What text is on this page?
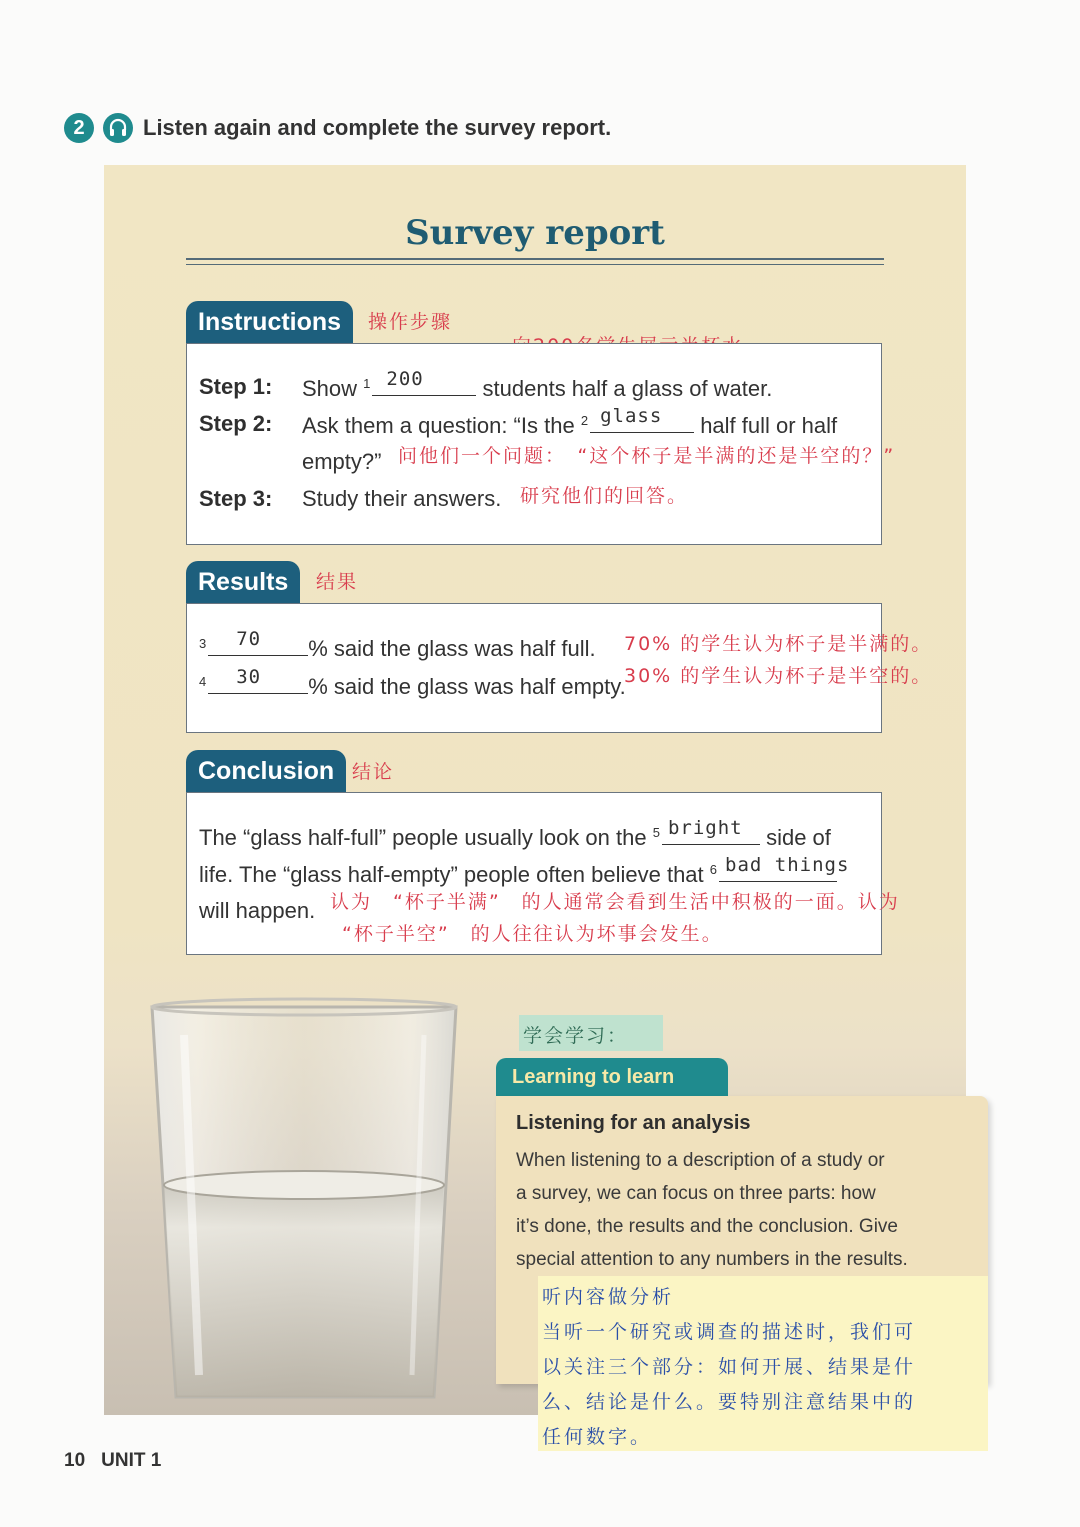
2	Listen again and complete the survey report.
Survey report
Instructions 操作步骤
Step 1: Show $^1$ 200	students half a glass of water.
Step 2: Ask them a question: “Is the $^2$ glass half full or half
empty?”
Step 3: Study their answers.
问他们一个问题：　“这个杯子是半满的还是半空的？”
研究他们的回答。
Results 结果
$^3$ 70 % said the glass was half full.
$^4$ 30 % said the glass was half empty.
70% 的学生认为杯子是半满的。
30% 的学生认为杯子是半空的。
Conclusion 结论
The “glass half-full” people usually look on the $^5$ bright side of
life. The “glass half-empty” people often believe that $^6$ bad things
will happen. 认为　“杯子半满”　的人通常会看到生活中积极的一面。认为
“杯子半空”　的人往往认为坏事会发生。
学会学习：
Learning to learn
Listening for an analysis
When listening to a description of a study or
a survey, we can focus on three parts: how
it’s done, the results and the conclusion. Give
special attention to any numbers in the results.
听内容做分析
当听一个研究或调查的描述时，我们可
以关注三个部分：如何开展、结果是什
么、结论是什么。要特别注意结果中的
任何数字。
10 UNIT 1
